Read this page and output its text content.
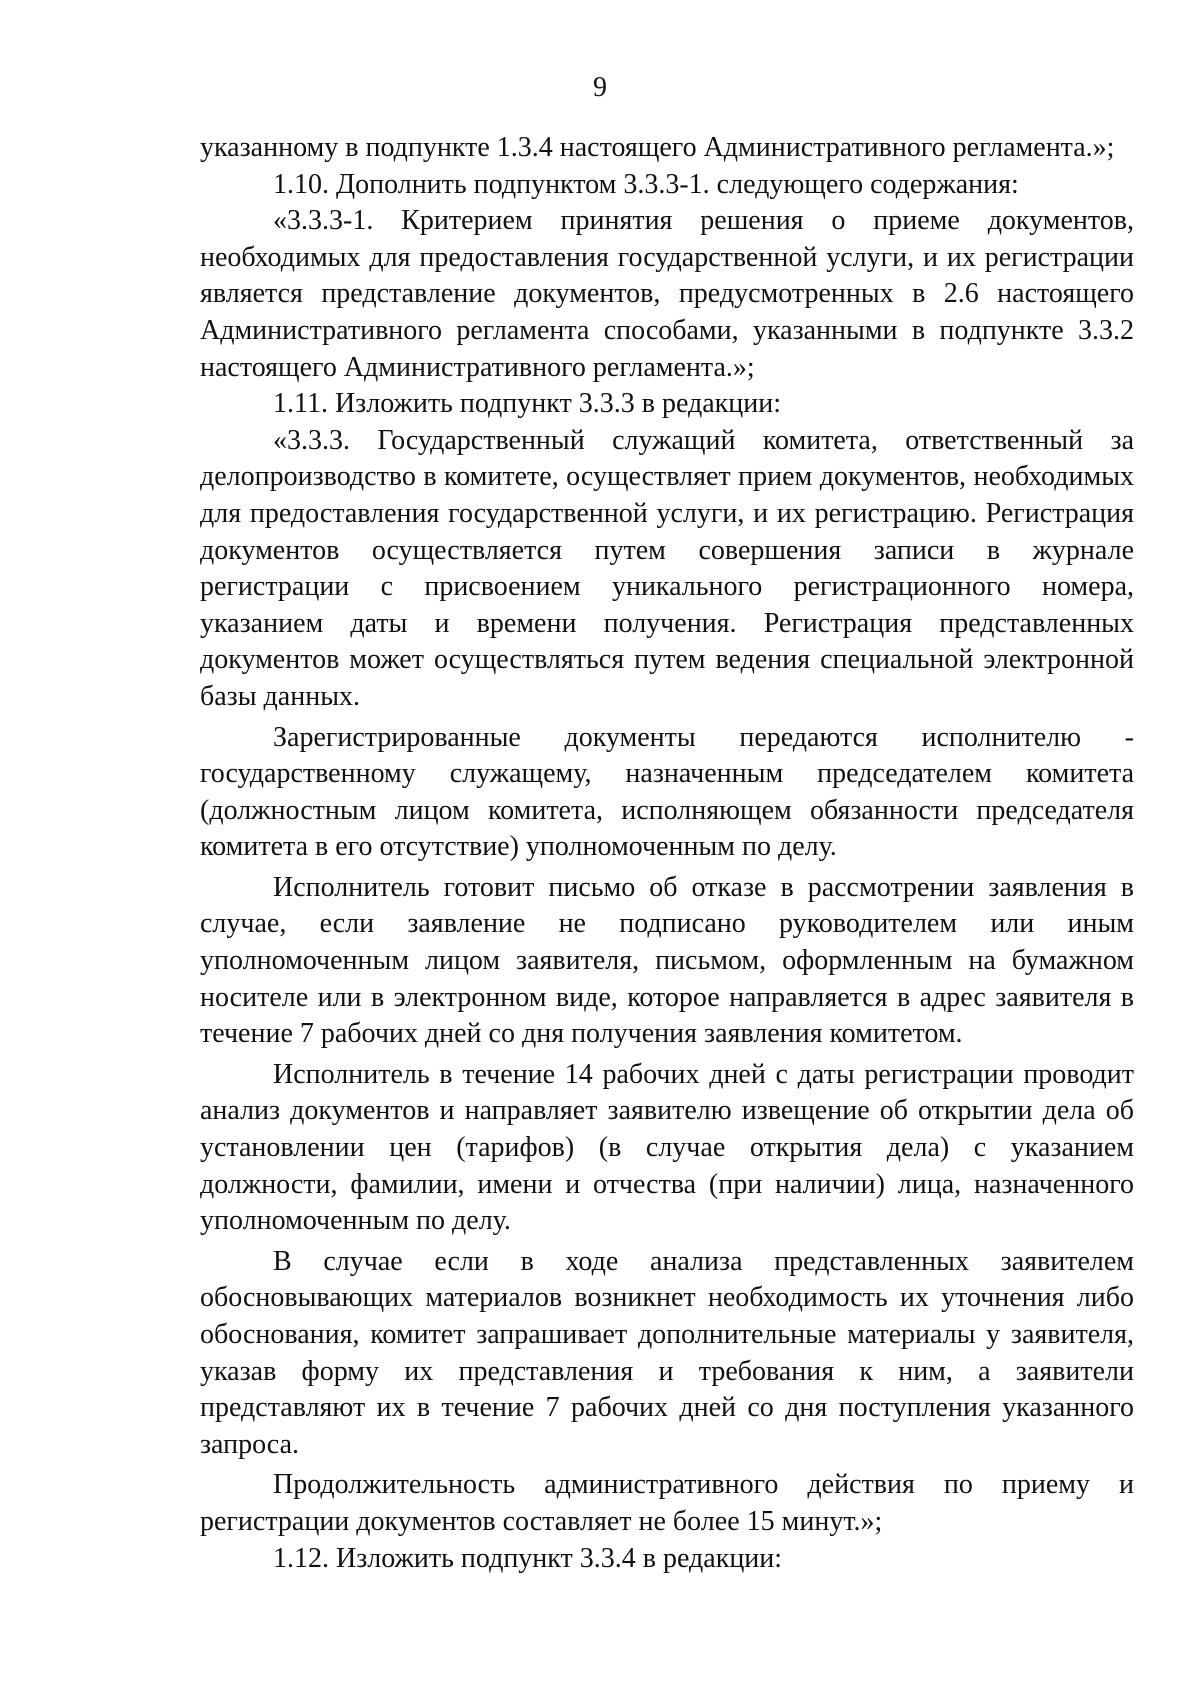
9

указанному в подпункте 1.3.4 настоящего Административного регламента.»;

1.10. Дополнить подпунктом 3.3.3-1. следующего содержания:

«3.3.3-1. Критерием принятия решения о приеме документов, необходимых для предоставления государственной услуги, и их регистрации является представление документов, предусмотренных в 2.6 настоящего Административного регламента способами, указанными в подпункте 3.3.2 настоящего Административного регламента.»;

1.11. Изложить подпункт 3.3.3 в редакции:

«3.3.3. Государственный служащий комитета, ответственный за делопроизводство в комитете, осуществляет прием документов, необходимых для предоставления государственной услуги, и их регистрацию. Регистрация документов осуществляется путем совершения записи в журнале регистрации с присвоением уникального регистрационного номера, указанием даты и времени получения. Регистрация представленных документов может осуществляться путем ведения специальной электронной базы данных.

Зарегистрированные документы передаются исполнителю - государственному служащему, назначенным председателем комитета (должностным лицом комитета, исполняющем обязанности председателя комитета в его отсутствие) уполномоченным по делу.

Исполнитель готовит письмо об отказе в рассмотрении заявления в случае, если заявление не подписано руководителем или иным уполномоченным лицом заявителя, письмом, оформленным на бумажном носителе или в электронном виде, которое направляется в адрес заявителя в течение 7 рабочих дней со дня получения заявления комитетом.

Исполнитель в течение 14 рабочих дней с даты регистрации проводит анализ документов и направляет заявителю извещение об открытии дела об установлении цен (тарифов) (в случае открытия дела) с указанием должности, фамилии, имени и отчества (при наличии) лица, назначенного уполномоченным по делу.

В случае если в ходе анализа представленных заявителем обосновывающих материалов возникнет необходимость их уточнения либо обоснования, комитет запрашивает дополнительные материалы у заявителя, указав форму их представления и требования к ним, а заявители представляют их в течение 7 рабочих дней со дня поступления указанного запроса.

Продолжительность административного действия по приему и регистрации документов составляет не более 15 минут.»;

1.12. Изложить подпункт 3.3.4 в редакции:
